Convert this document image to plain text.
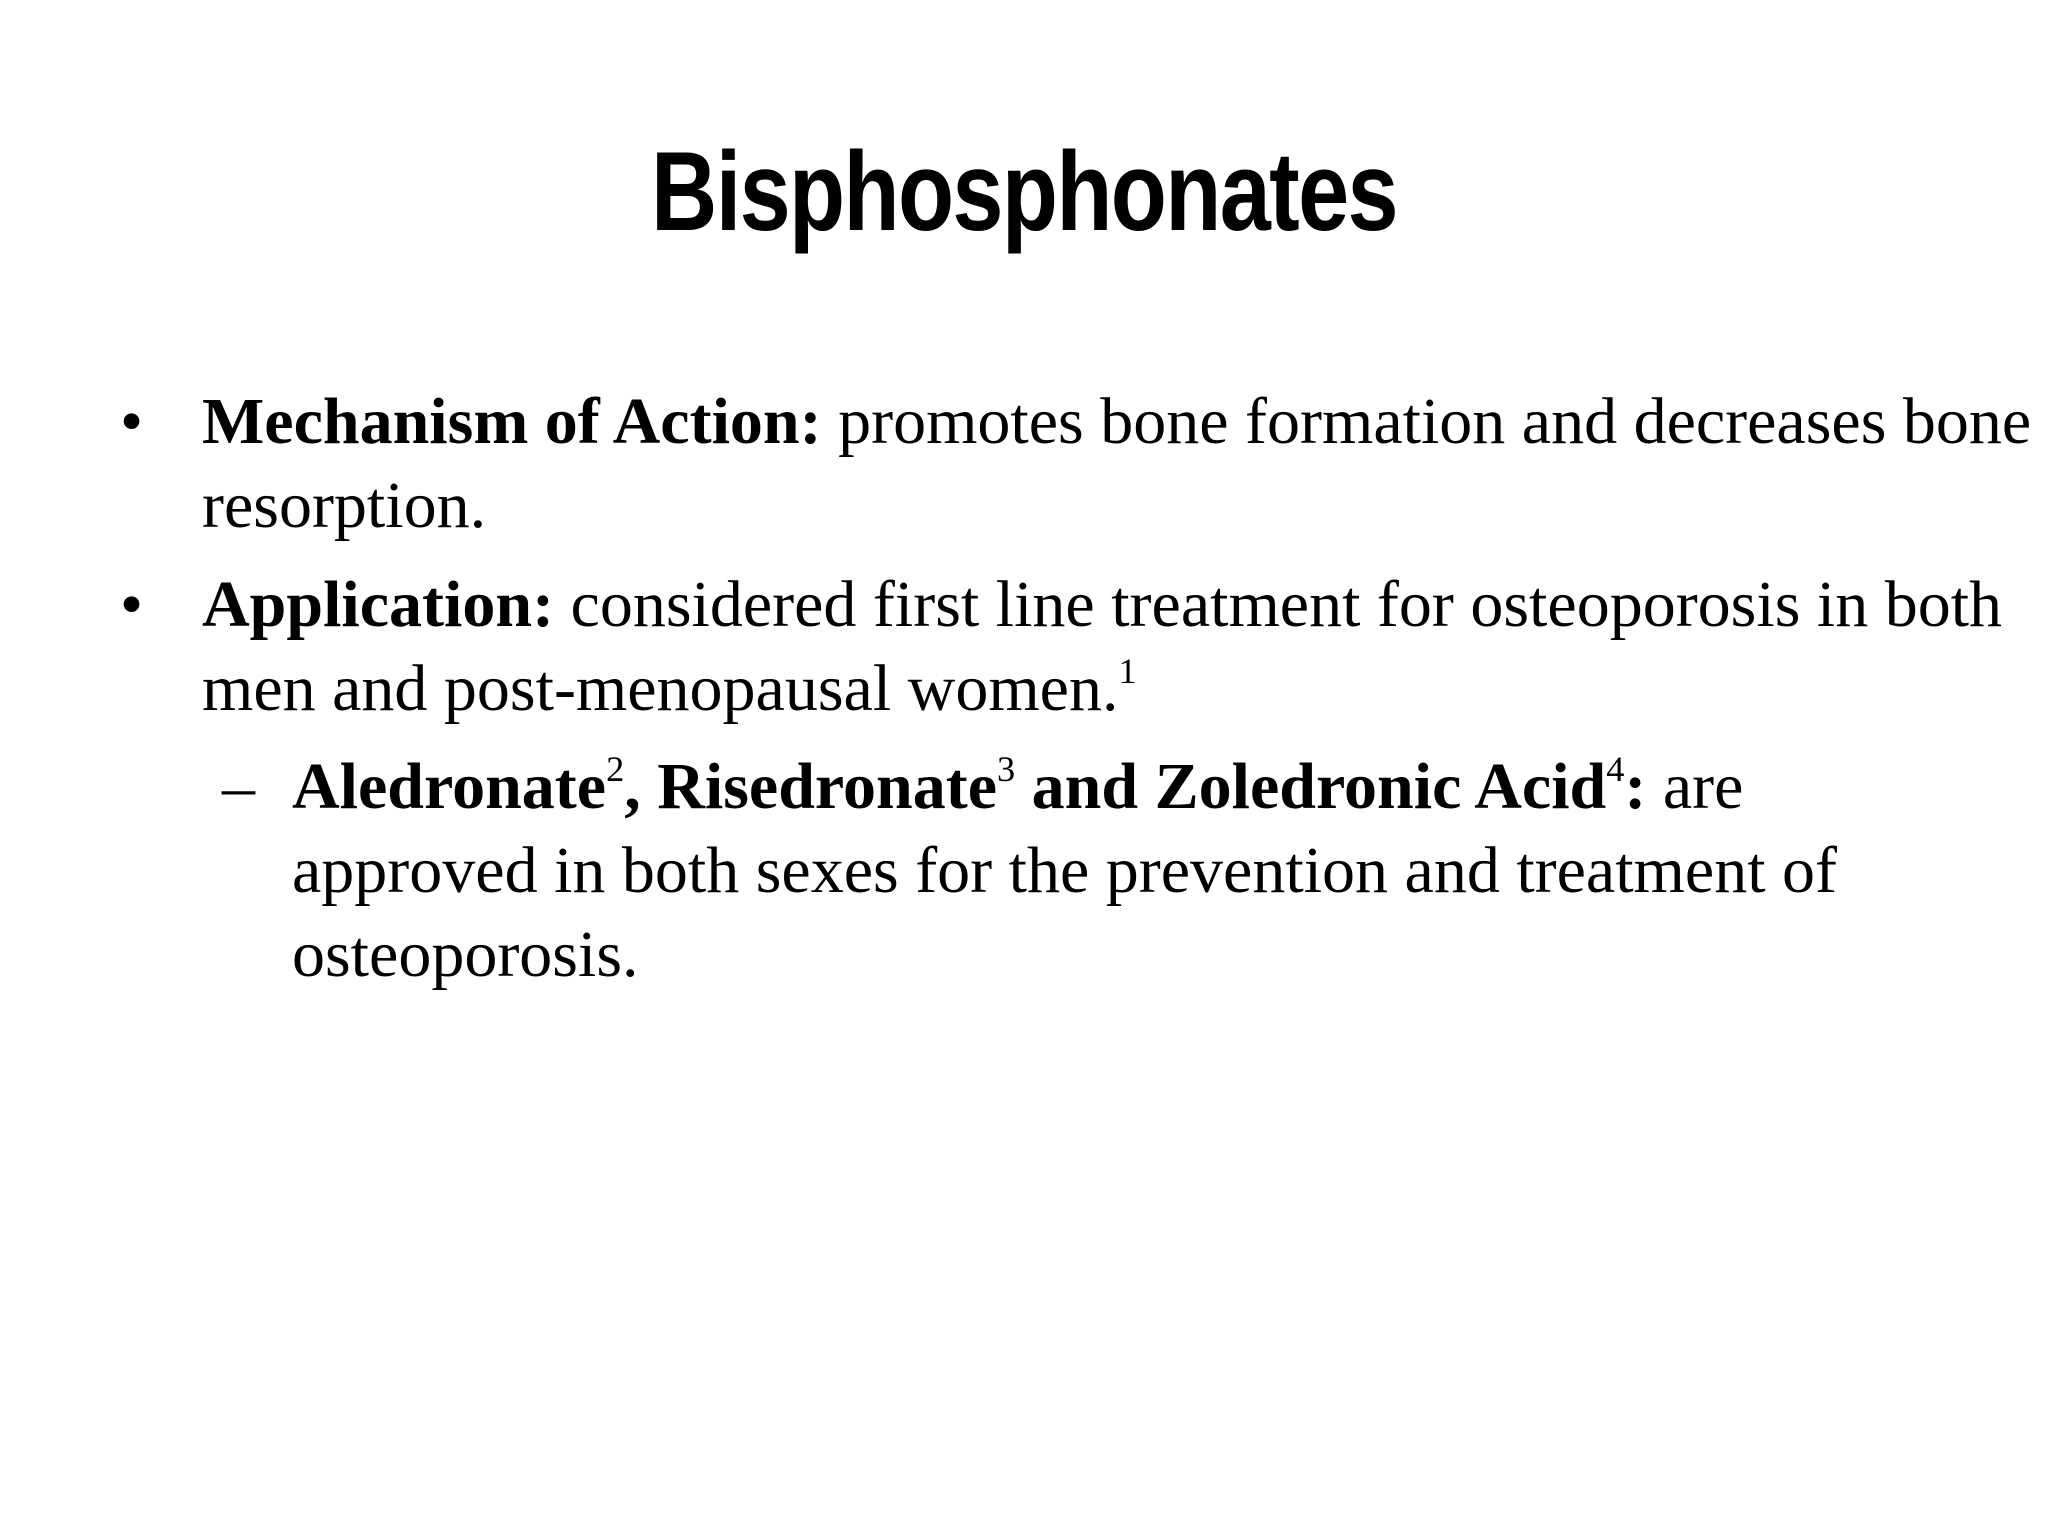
Bisphosphonates
• Mechanism of Action: promotes bone formation and decreases bone resorption.
• Application: considered first line treatment for osteoporosis in both men and post-menopausal women.$^1$
– Aledronate$^2$, Risedronate$^3$ and Zoledronic Acid$^4$: are approved in both sexes for the prevention and treatment of osteoporosis.
